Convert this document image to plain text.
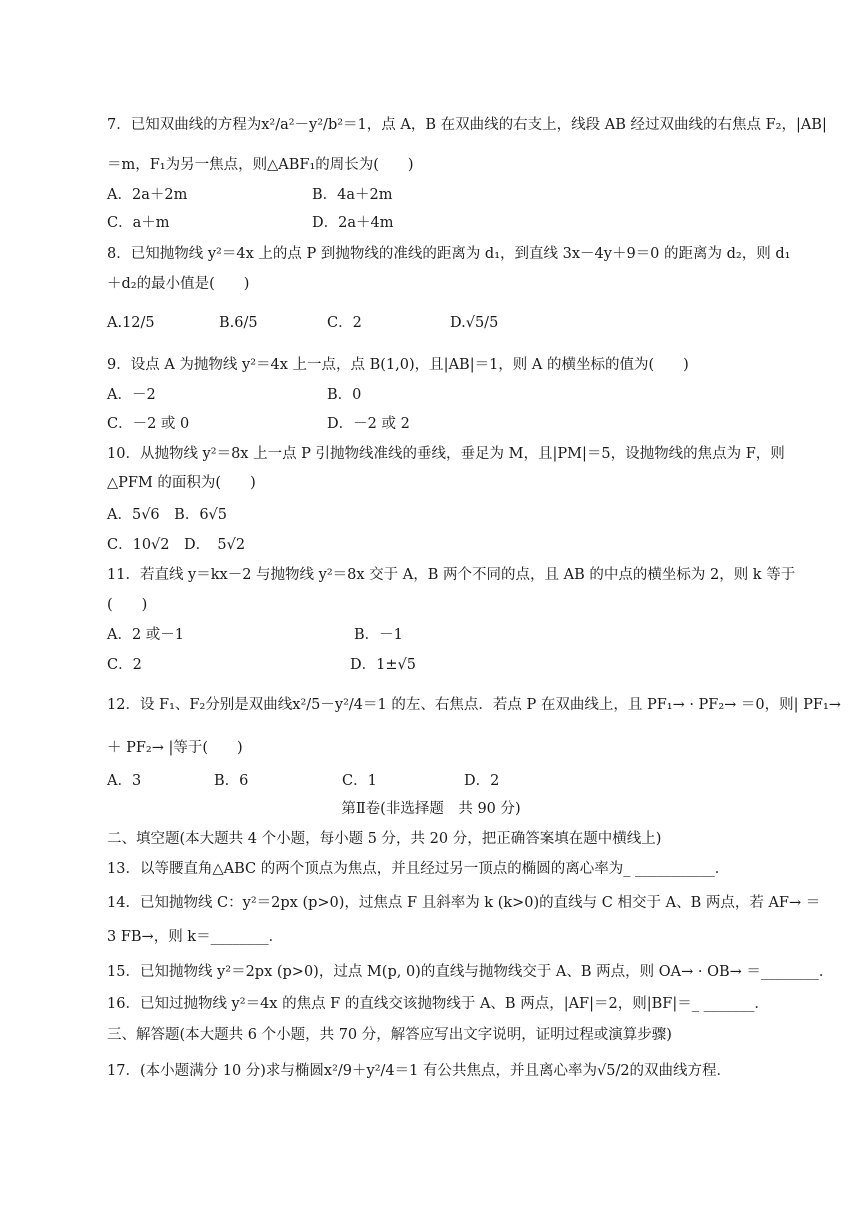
7．已知双曲线的方程为x²/a²－y²/b²＝1，点 A，B 在双曲线的右支上，线段 AB 经过双曲线的右焦点 F₂，|AB|
＝m，F₁为另一焦点，则△ABF₁的周长为(　　)
A．2a＋2m	B．4a＋2m
C．a＋m	D．2a＋4m
8．已知抛物线 y²＝4x 上的点 P 到抛物线的准线的距离为 d₁，到直线 3x－4y＋9＝0 的距离为 d₂，则 d₁
＋d₂的最小值是(　　)
A.12/5	B.6/5	C．2	D.√5/5
9．设点 A 为抛物线 y²＝4x 上一点，点 B(1,0)，且|AB|＝1，则 A 的横坐标的值为(　　)
A．－2	B．0
C．－2 或 0	D．－2 或 2
10．从抛物线 y²＝8x 上一点 P 引抛物线准线的垂线，垂足为 M，且|PM|＝5，设抛物线的焦点为 F，则
△PFM 的面积为(　　)
A．5√6　B．6√5
C．10√2　D．　5√2
11．若直线 y＝kx－2 与抛物线 y²＝8x 交于 A，B 两个不同的点，且 AB 的中点的横坐标为 2，则 k 等于
(　　)
A．2 或－1	B．－1
C．2	D．1±√5
12．设 F₁、F₂分别是双曲线x²/5－y²/4＝1 的左、右焦点．若点 P 在双曲线上，且 PF₁→ · PF₂→ ＝0，则| PF₁→
＋ PF₂→ |等于(　　)
A．3	B．6	C．1	D．2
第Ⅱ卷(非选择题　共 90 分)
二、填空题(本大题共 4 个小题，每小题 5 分，共 20 分，把正确答案填在题中横线上)
13．以等腰直角△ABC 的两个顶点为焦点，并且经过另一顶点的椭圆的离心率为_ ___________．
14．已知抛物线 C：y²＝2px (p>0)，过焦点 F 且斜率为 k (k>0)的直线与 C 相交于 A、B 两点，若 AF→ ＝
3 FB→，则 k＝________．
15．已知抛物线 y²＝2px (p>0)，过点 M(p, 0)的直线与抛物线交于 A、B 两点，则 OA→ · OB→ ＝________．
16．已知过抛物线 y²＝4x 的焦点 F 的直线交该抛物线于 A、B 两点，|AF|＝2，则|BF|＝_ _______．
三、解答题(本大题共 6 个小题，共 70 分，解答应写出文字说明，证明过程或演算步骤)
17．(本小题满分 10 分)求与椭圆x²/9＋y²/4＝1 有公共焦点，并且离心率为√5/2的双曲线方程．
